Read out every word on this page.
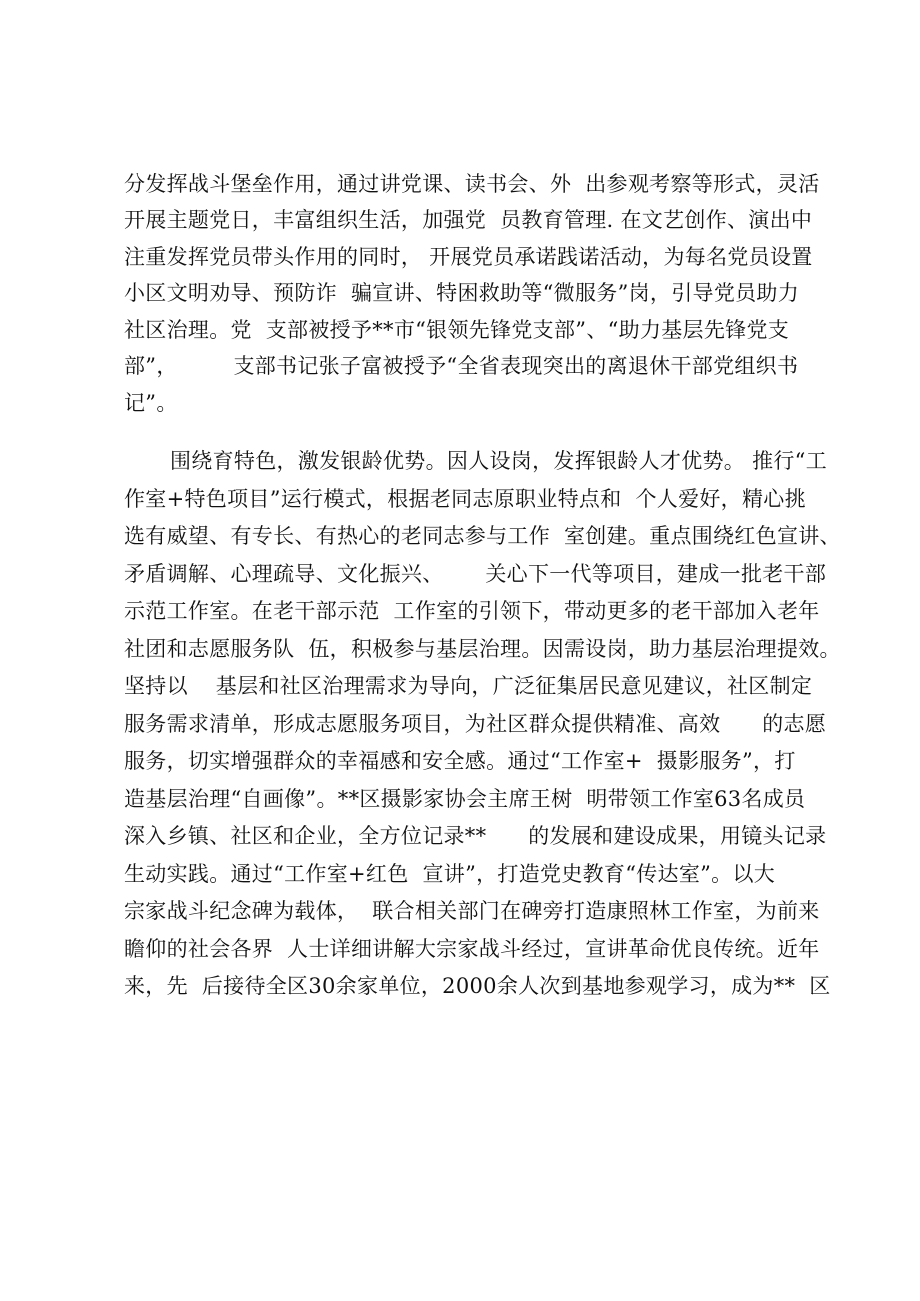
分发挥战斗堡垒作用，通过讲党课、读书会、外  出参观考察等形式，灵活
开展主题党日，丰富组织生活，加强党  员教育管理. 在文艺创作、演出中
注重发挥党员带头作用的同时， 开展党员承诺践诺活动，为每名党员设置
小区文明劝导、预防诈  骗宣讲、特困救助等“微服务”岗，引导党员助力
社区治理。党  支部被授予**市“银领先锋党支部”、“助力基层先锋党支
部”，        支部书记张子富被授予“全省表现突出的离退休干部党组织书
记”。
围绕育特色，激发银龄优势。因人设岗，发挥银龄人才优势。 推行“工
作室+特色项目”运行模式，根据老同志原职业特点和  个人爱好，精心挑
选有威望、有专长、有热心的老同志参与工作  室创建。重点围绕红色宣讲、
矛盾调解、心理疏导、文化振兴、      关心下一代等项目，建成一批老干部
示范工作室。在老干部示范  工作室的引领下，带动更多的老干部加入老年
社团和志愿服务队  伍，积极参与基层治理。因需设岗，助力基层治理提效。
坚持以    基层和社区治理需求为导向，广泛征集居民意见建议，社区制定
服务需求清单，形成志愿服务项目，为社区群众提供精准、高效      的志愿
服务，切实增强群众的幸福感和安全感。通过“工作室+  摄影服务”，打
造基层治理“自画像”。**区摄影家协会主席王树  明带领工作室63名成员
深入乡镇、社区和企业，全方位记录**      的发展和建设成果，用镜头记录
生动实践。通过“工作室+红色  宣讲”，打造党史教育“传达室”。以大
宗家战斗纪念碑为载体，  联合相关部门在碑旁打造康照林工作室，为前来
瞻仰的社会各界  人士详细讲解大宗家战斗经过，宣讲革命优良传统。近年
来，先  后接待全区30余家单位，2000余人次到基地参观学习，成为**  区
